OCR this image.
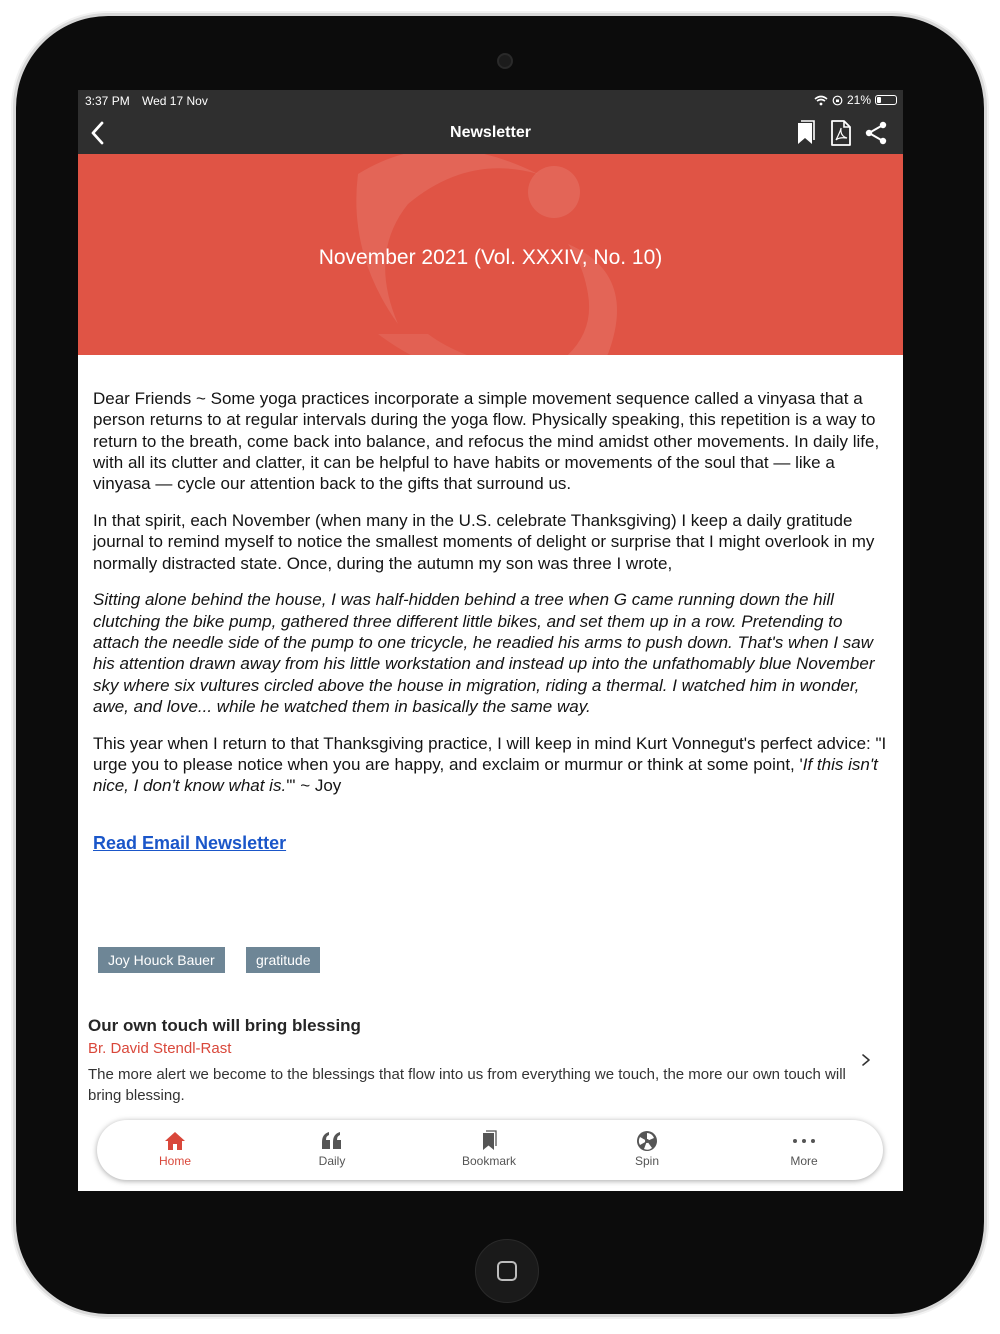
3:37 PM Wed 17 Nov	21%
Newsletter
November 2021 (Vol. XXXIV, No. 10)

Dear Friends ~ Some yoga practices incorporate a simple movement sequence called a vinyasa that a person returns to at regular intervals during the yoga flow. Physically speaking, this repetition is a way to return to the breath, come back into balance, and refocus the mind amidst other movements. In daily life, with all its clutter and clatter, it can be helpful to have habits or movements of the soul that — like a vinyasa — cycle our attention back to the gifts that surround us.

In that spirit, each November (when many in the U.S. celebrate Thanksgiving) I keep a daily gratitude journal to remind myself to notice the smallest moments of delight or surprise that I might overlook in my normally distracted state. Once, during the autumn my son was three I wrote,

Sitting alone behind the house, I was half-hidden behind a tree when G came running down the hill clutching the bike pump, gathered three different little bikes, and set them up in a row. Pretending to attach the needle side of the pump to one tricycle, he readied his arms to push down. That's when I saw his attention drawn away from his little workstation and instead up into the unfathomably blue November sky where six vultures circled above the house in migration, riding a thermal. I watched him in wonder, awe, and love... while he watched them in basically the same way.

This year when I return to that Thanksgiving practice, I will keep in mind Kurt Vonnegut's perfect advice: "I urge you to please notice when you are happy, and exclaim or murmur or think at some point, 'If this isn't nice, I don't know what is.'" ~ Joy

Read Email Newsletter
Joy Houck Bauer	gratitude
Our own touch will bring blessing
Br. David Stendl-Rast
The more alert we become to the blessings that flow into us from everything we touch, the more our own touch will bring blessing.
Home	Daily	Bookmark	Spin	More
